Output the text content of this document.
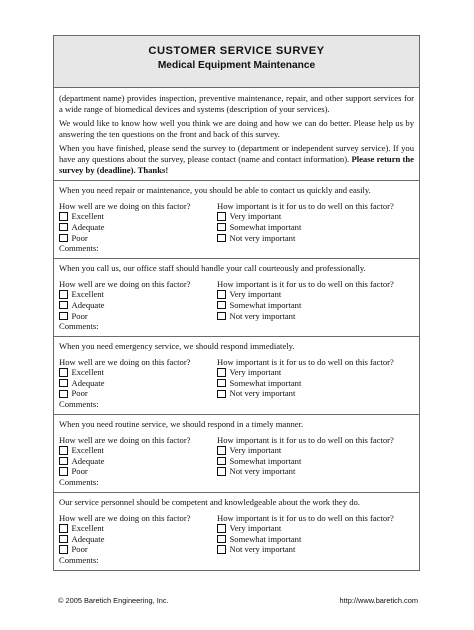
CUSTOMER SERVICE SURVEY
Medical Equipment Maintenance

(department name) provides inspection, preventive maintenance, repair, and other support services for a wide range of biomedical devices and systems (description of your services).

We would like to know how well you think we are doing and how we can do better. Please help us by answering the ten questions on the front and back of this survey.

When you have finished, please send the survey to (department or independent survey service). If you have any questions about the survey, please contact (name and contact information). Please return the survey by (deadline). Thanks!

When you need repair or maintenance, you should be able to contact us quickly and easily.
How well are we doing on this factor?
Excellent
Adequate
Poor
Comments:
How important is it for us to do well on this factor?
Very important
Somewhat important
Not very important
When you call us, our office staff should handle your call courteously and professionally.
How well are we doing on this factor?
Excellent
Adequate
Poor
Comments:
How important is it for us to do well on this factor?
Very important
Somewhat important
Not very important
When you need emergency service, we should respond immediately.
How well are we doing on this factor?
Excellent
Adequate
Poor
Comments:
How important is it for us to do well on this factor?
Very important
Somewhat important
Not very important
When you need routine service, we should respond in a timely manner.
How well are we doing on this factor?
Excellent
Adequate
Poor
Comments:
How important is it for us to do well on this factor?
Very important
Somewhat important
Not very important
Our service personnel should be competent and knowledgeable about the work they do.
How well are we doing on this factor?
Excellent
Adequate
Poor
Comments:
How important is it for us to do well on this factor?
Very important
Somewhat important
Not very important
© 2005 Baretich Engineering, Inc.	http://www.baretich.com
